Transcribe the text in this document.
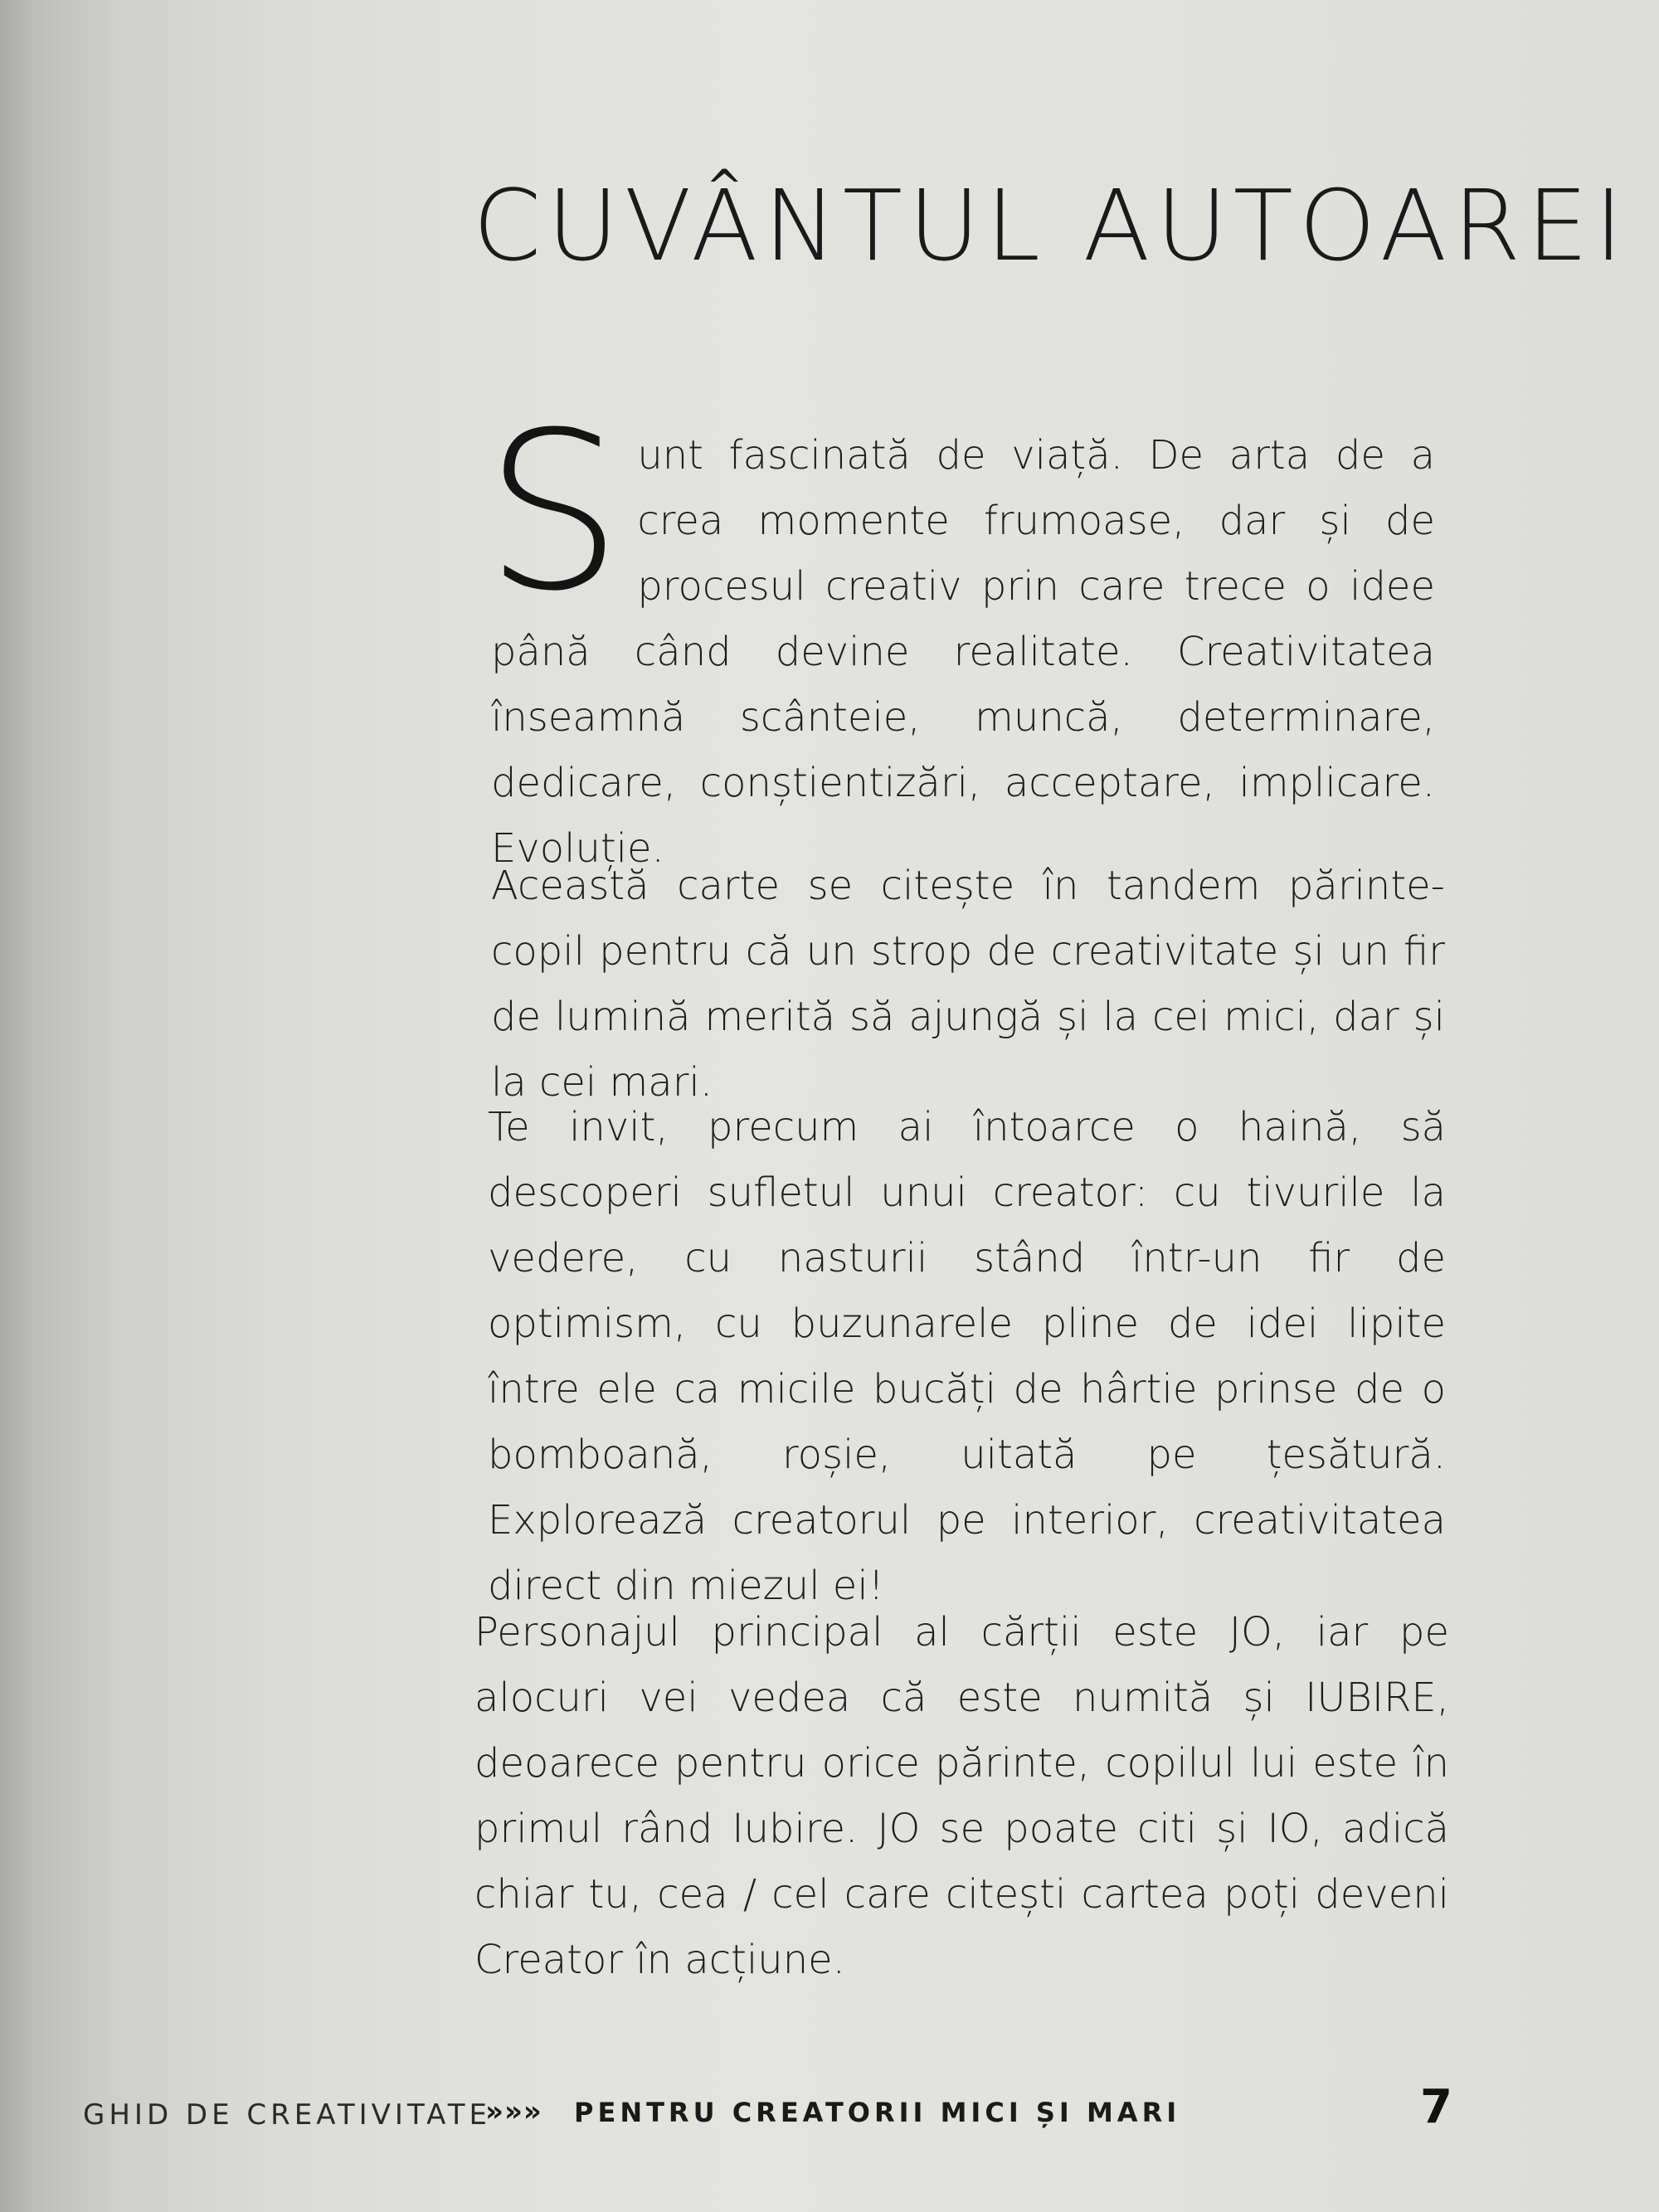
CUVÂNTUL AUTOAREI

Sunt fascinată de viață. De arta de a crea momente frumoase, dar și de procesul creativ prin care trece o idee până când devine realitate. Creativitatea înseamnă scânteie, muncă, determinare, dedicare, conștientizări, acceptare, implicare. Evoluție.

Această carte se citește în tandem părinte-copil pentru că un strop de creativitate și un fir de lumină merită să ajungă și la cei mici, dar și la cei mari.

Te invit, precum ai întoarce o haină, să descoperi sufletul unui creator: cu tivurile la vedere, cu nasturii stând într-un fir de optimism, cu buzunarele pline de idei lipite între ele ca micile bucăți de hârtie prinse de o bomboană, roșie, uitată pe țesătură. Explorează creatorul pe interior, creativitatea direct din miezul ei!

Personajul principal al cărții este JO, iar pe alocuri vei vedea că este numită și IUBIRE, deoarece pentru orice părinte, copilul lui este în primul rând Iubire. JO se poate citi și IO, adică chiar tu, cea / cel care citești cartea poți deveni Creator în acțiune.

GHID DE CREATIVITATE
»»» PENTRU CREATORII MICI ȘI MARI	7
